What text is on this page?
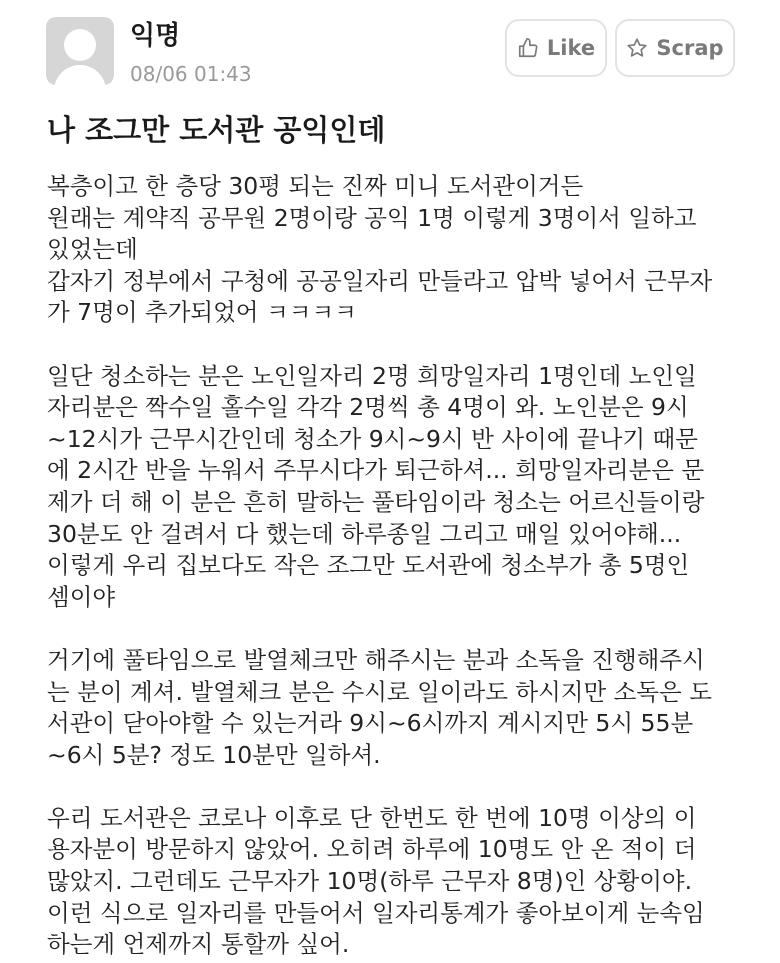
익명
08/06 01:43
Like	Scrap
나 조그만 도서관 공익인데
복층이고 한 층당 30평 되는 진짜 미니 도서관이거든
원래는 계약직 공무원 2명이랑 공익 1명 이렇게 3명이서 일하고
있었는데
갑자기 정부에서 구청에 공공일자리 만들라고 압박 넣어서 근무자
가 7명이 추가되었어 ㅋㅋㅋㅋ
일단 청소하는 분은 노인일자리 2명 희망일자리 1명인데 노인일
자리분은 짝수일 홀수일 각각 2명씩 총 4명이 와. 노인분은 9시
~12시가 근무시간인데 청소가 9시~9시 반 사이에 끝나기 때문
에 2시간 반을 누워서 주무시다가 퇴근하셔... 희망일자리분은 문
제가 더 해 이 분은 흔히 말하는 풀타임이라 청소는 어르신들이랑
30분도 안 걸려서 다 했는데 하루종일 그리고 매일 있어야해...
이렇게 우리 집보다도 작은 조그만 도서관에 청소부가 총 5명인
셈이야
거기에 풀타임으로 발열체크만 해주시는 분과 소독을 진행해주시
는 분이 계셔. 발열체크 분은 수시로 일이라도 하시지만 소독은 도
서관이 닫아야할 수 있는거라 9시~6시까지 계시지만 5시 55분
~6시 5분? 정도 10분만 일하셔.
우리 도서관은 코로나 이후로 단 한번도 한 번에 10명 이상의 이
용자분이 방문하지 않았어. 오히려 하루에 10명도 안 온 적이 더
많았지. 그런데도 근무자가 10명(하루 근무자 8명)인 상황이야.
이런 식으로 일자리를 만들어서 일자리통계가 좋아보이게 눈속임
하는게 언제까지 통할까 싶어.
